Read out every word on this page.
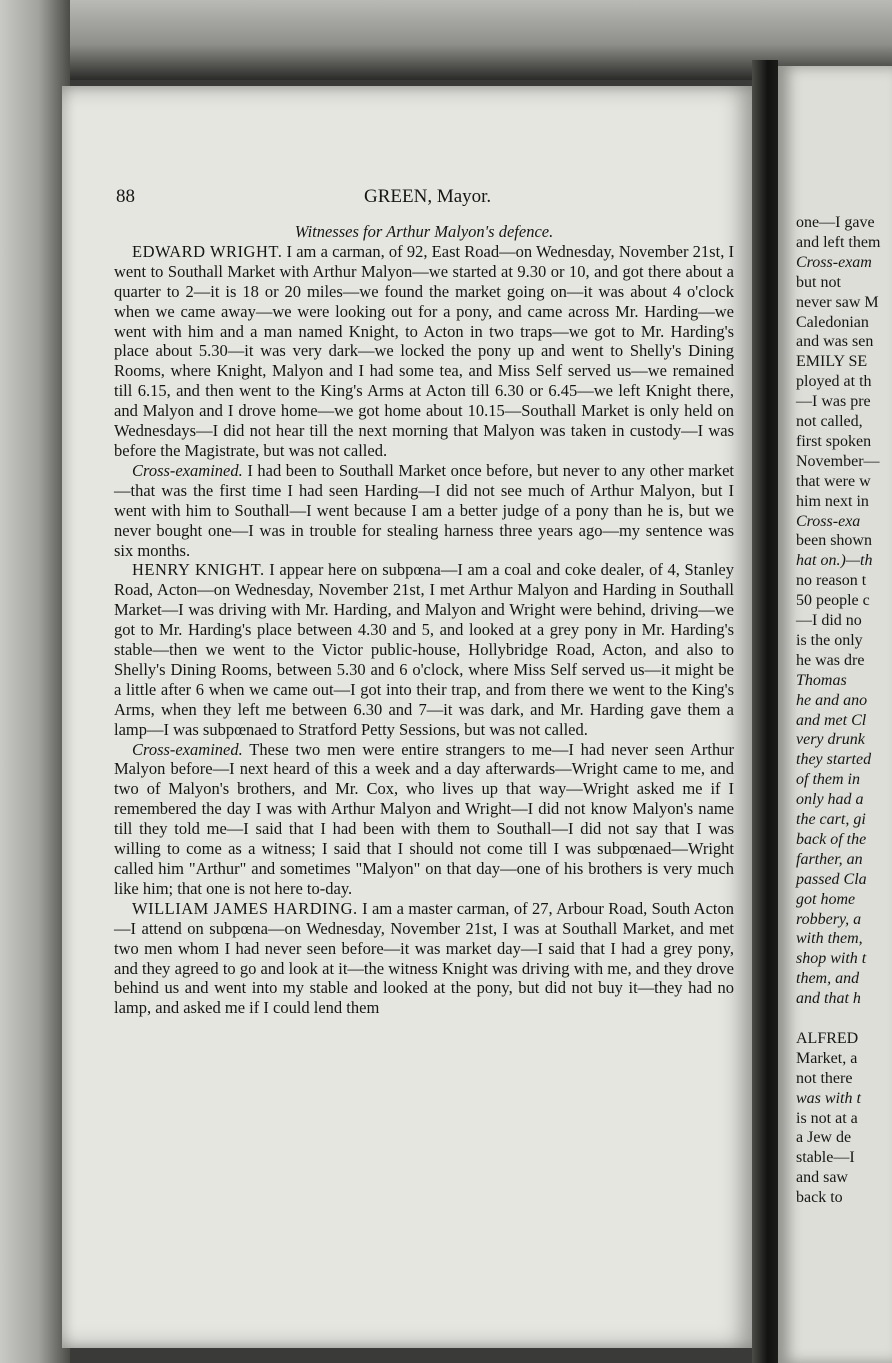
88	GREEN, Mayor.

Witnesses for Arthur Malyon's defence.

EDWARD WRIGHT. I am a carman, of 92, East Road—on Wednesday, November 21st, I went to Southall Market with Arthur Malyon—we started at 9.30 or 10, and got there about a quarter to 2—it is 18 or 20 miles—we found the market going on—it was about 4 o'clock when we came away—we were looking out for a pony, and came across Mr. Harding—we went with him and a man named Knight, to Acton in two traps—we got to Mr. Harding's place about 5.30—it was very dark—we locked the pony up and went to Shelly's Dining Rooms, where Knight, Malyon and I had some tea, and Miss Self served us—we remained till 6.15, and then went to the King's Arms at Acton till 6.30 or 6.45—we left Knight there, and Malyon and I drove home—we got home about 10.15—Southall Market is only held on Wednesdays—I did not hear till the next morning that Malyon was taken in custody—I was before the Magistrate, but was not called.

Cross-examined. I had been to Southall Market once before, but never to any other market—that was the first time I had seen Harding—I did not see much of Arthur Malyon, but I went with him to Southall—I went because I am a better judge of a pony than he is, but we never bought one—I was in trouble for stealing harness three years ago—my sentence was six months.

HENRY KNIGHT. I appear here on subpœna—I am a coal and coke dealer, of 4, Stanley Road, Acton—on Wednesday, November 21st, I met Arthur Malyon and Harding in Southall Market—I was driving with Mr. Harding, and Malyon and Wright were behind, driving—we got to Mr. Harding's place between 4.30 and 5, and looked at a grey pony in Mr. Harding's stable—then we went to the Victor public-house, Hollybridge Road, Acton, and also to Shelly's Dining Rooms, between 5.30 and 6 o'clock, where Miss Self served us—it might be a little after 6 when we came out—I got into their trap, and from there we went to the King's Arms, when they left me between 6.30 and 7—it was dark, and Mr. Harding gave them a lamp—I was subpœnaed to Stratford Petty Sessions, but was not called.

Cross-examined. These two men were entire strangers to me—I had never seen Arthur Malyon before—I next heard of this a week and a day afterwards—Wright came to me, and two of Malyon's brothers, and Mr. Cox, who lives up that way—Wright asked me if I remembered the day I was with Arthur Malyon and Wright—I did not know Malyon's name till they told me—I said that I had been with them to Southall—I did not say that I was willing to come as a witness; I said that I should not come till I was subpœnaed—Wright called him "Arthur" and sometimes "Malyon" on that day—one of his brothers is very much like him; that one is not here to-day.

WILLIAM JAMES HARDING. I am a master carman, of 27, Arbour Road, South Acton—I attend on subpœna—on Wednesday, November 21st, I was at Southall Market, and met two men whom I had never seen before—it was market day—I said that I had a grey pony, and they agreed to go and look at it—the witness Knight was driving with me, and they drove behind us and went into my stable and looked at the pony, but did not buy it—they had no lamp, and asked me if I could lend them

one—I gave
and left them
Cross-exam
but not
never saw M
Caledonian
and was sen
EMILY SE
ployed at th
—I was pre
not called,
first spoken
November—
that were w
him next in
Cross-exa
been shown
hat on.)—th
no reason t
50 people c
—I did no
is the only
he was dre
Thomas
he and ano
and met Cl
very drunk
they started
of them in
only had a
the cart, gi
back of the
farther, an
passed Cla
got home
robbery, a
with them,
shop with t
them, and
and that h
ALFRED
Market, a
not there
was with t
is not at a
a Jew de
stable—I
and saw
back to
